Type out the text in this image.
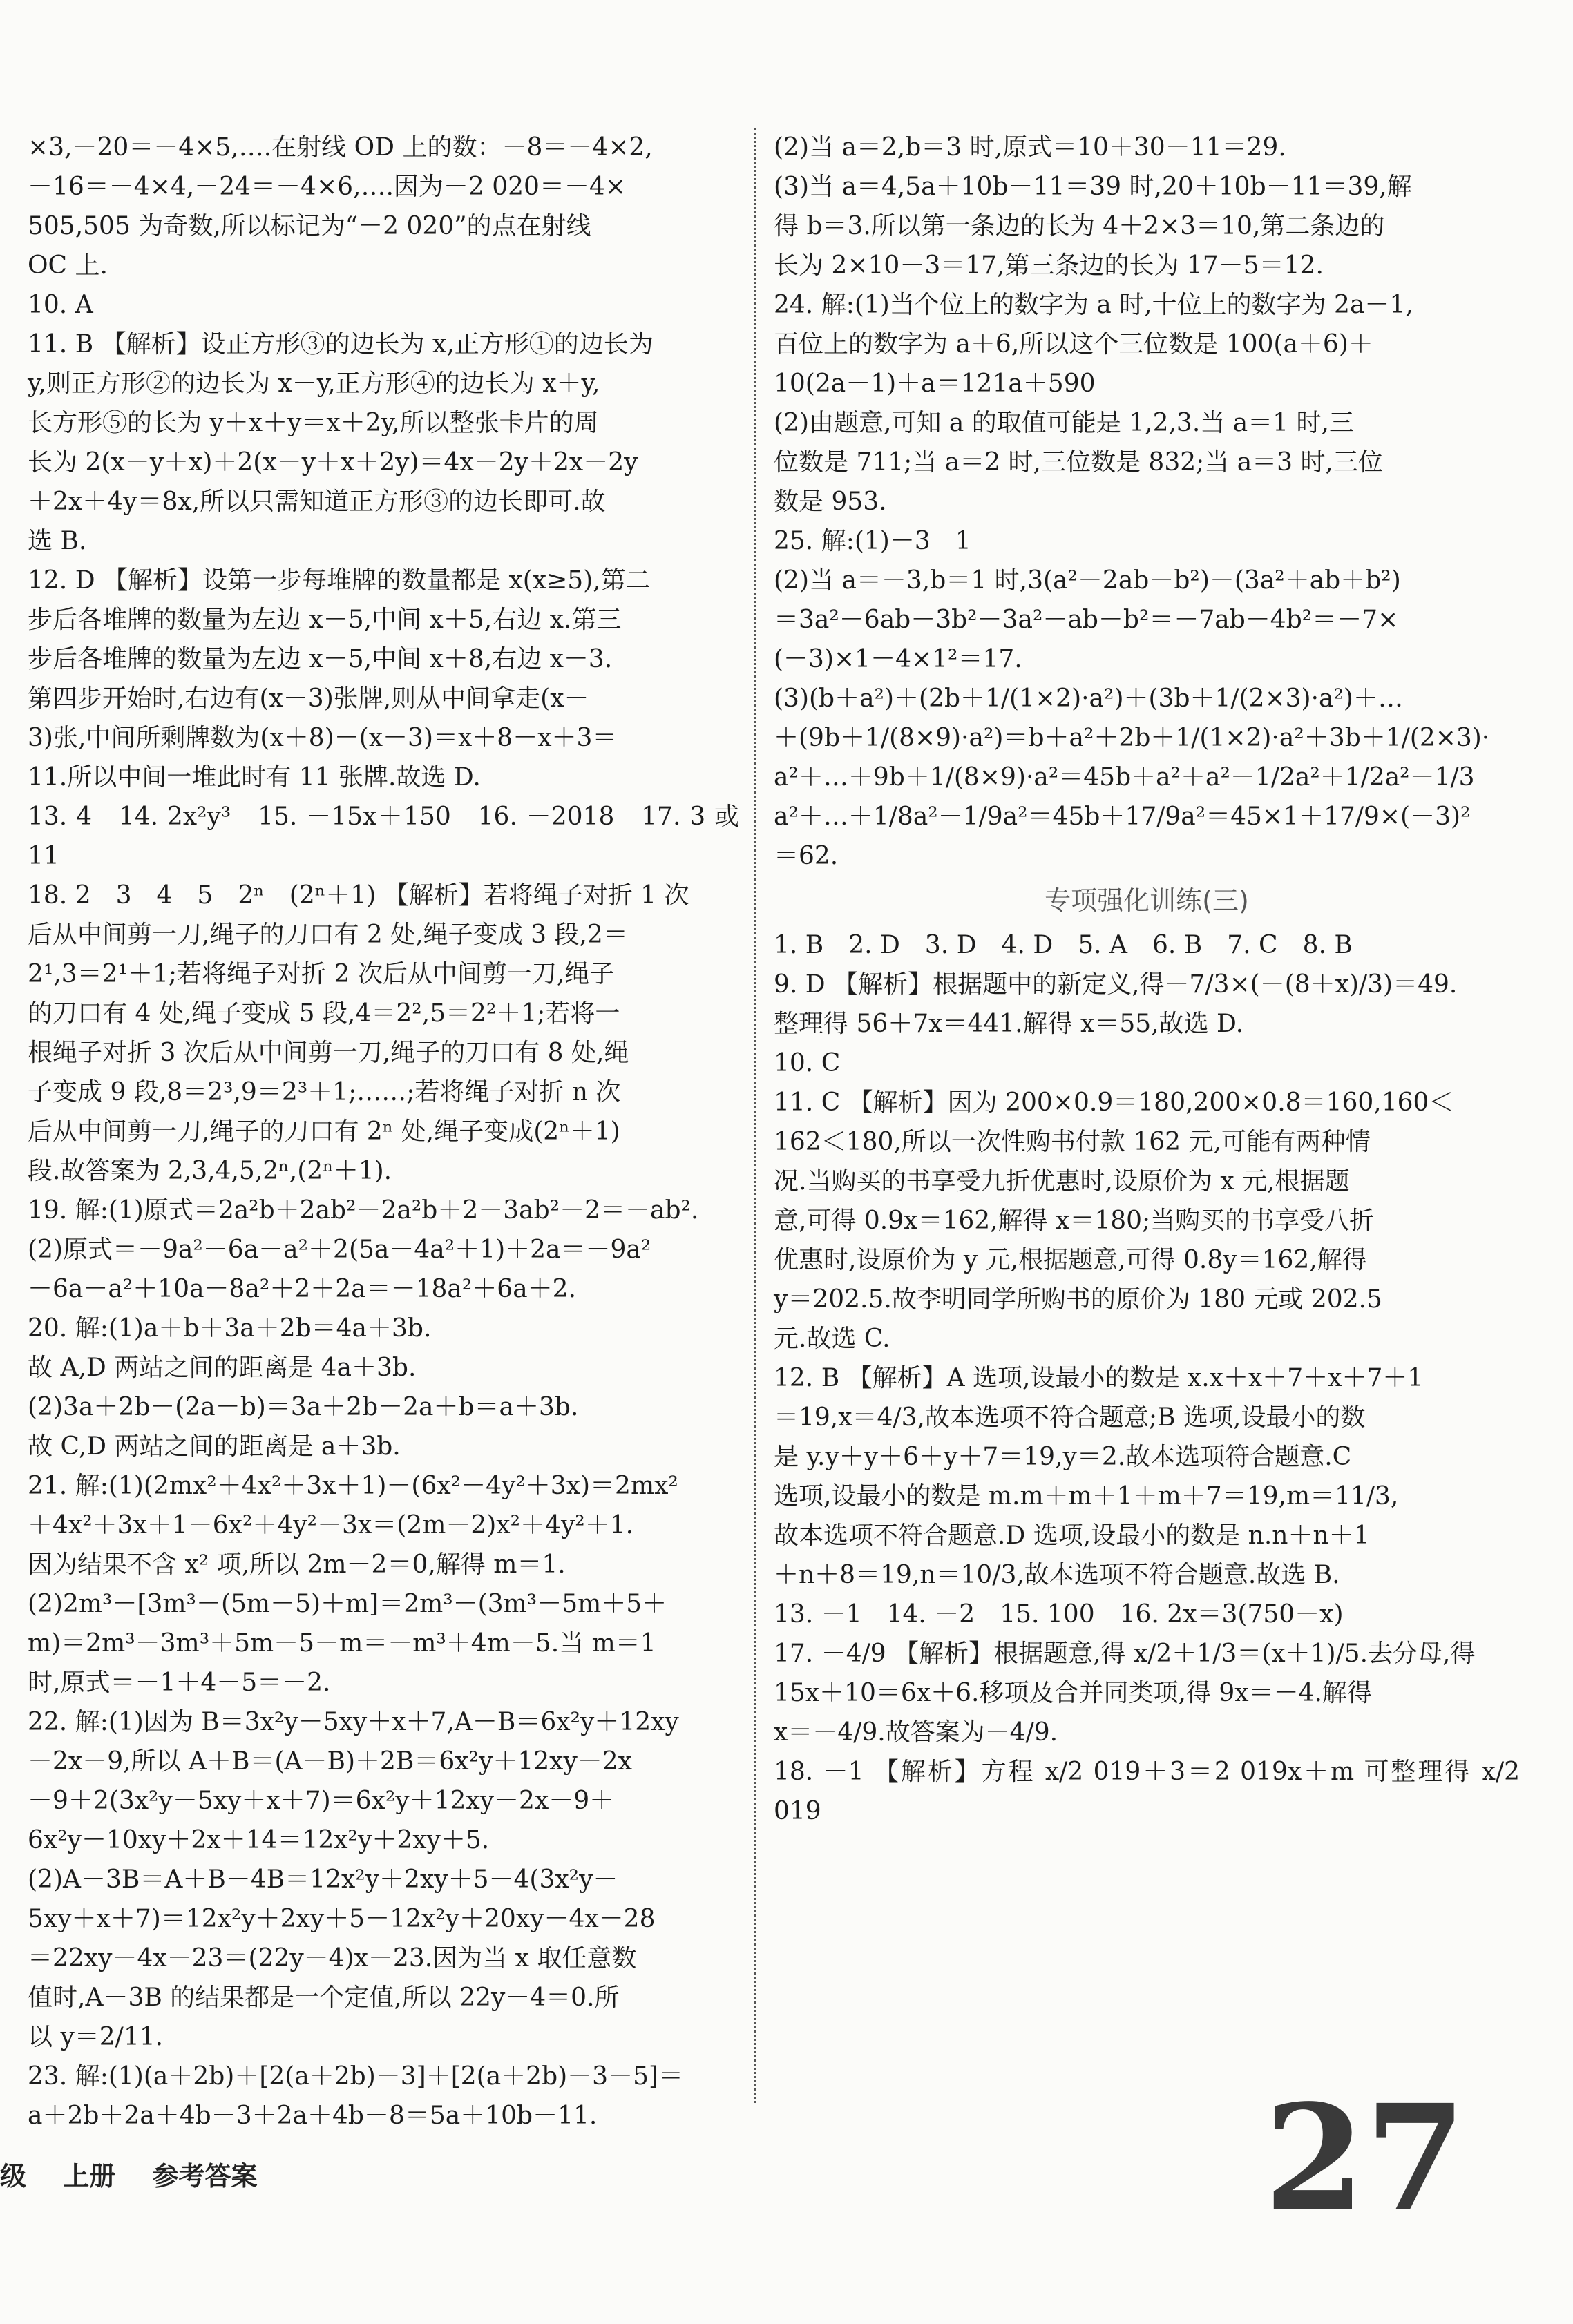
×3,－20＝－4×5,….在射线 OD 上的数：－8＝－4×2,

－16＝－4×4,－24＝－4×6,….因为－2 020＝－4×

505,505 为奇数,所以标记为“－2 020”的点在射线

OC 上.

10. A

11. B 【解析】设正方形③的边长为 x,正方形①的边长为

y,则正方形②的边长为 x－y,正方形④的边长为 x＋y,

长方形⑤的长为 y＋x＋y＝x＋2y,所以整张卡片的周

长为 2(x－y＋x)＋2(x－y＋x＋2y)＝4x－2y＋2x－2y

＋2x＋4y＝8x,所以只需知道正方形③的边长即可.故

选 B.

12. D 【解析】设第一步每堆牌的数量都是 x(x≥5),第二

步后各堆牌的数量为左边 x－5,中间 x＋5,右边 x.第三

步后各堆牌的数量为左边 x－5,中间 x＋8,右边 x－3.

第四步开始时,右边有(x－3)张牌,则从中间拿走(x－

3)张,中间所剩牌数为(x＋8)－(x－3)＝x＋8－x＋3＝

11.所以中间一堆此时有 11 张牌.故选 D.

13. 4　14. 2x²y³　15. －15x＋150　16. －2018　17. 3 或 11

18. 2　3　4　5　2ⁿ　(2ⁿ＋1) 【解析】若将绳子对折 1 次

后从中间剪一刀,绳子的刀口有 2 处,绳子变成 3 段,2＝

2¹,3＝2¹＋1;若将绳子对折 2 次后从中间剪一刀,绳子

的刀口有 4 处,绳子变成 5 段,4＝2²,5＝2²＋1;若将一

根绳子对折 3 次后从中间剪一刀,绳子的刀口有 8 处,绳

子变成 9 段,8＝2³,9＝2³＋1;……;若将绳子对折 n 次

后从中间剪一刀,绳子的刀口有 2ⁿ 处,绳子变成(2ⁿ＋1)

段.故答案为 2,3,4,5,2ⁿ,(2ⁿ＋1).

19. 解:(1)原式＝2a²b＋2ab²－2a²b＋2－3ab²－2＝－ab².

(2)原式＝－9a²－6a－a²＋2(5a－4a²＋1)＋2a＝－9a²

－6a－a²＋10a－8a²＋2＋2a＝－18a²＋6a＋2.

20. 解:(1)a＋b＋3a＋2b＝4a＋3b.

故 A,D 两站之间的距离是 4a＋3b.

(2)3a＋2b－(2a－b)＝3a＋2b－2a＋b＝a＋3b.

故 C,D 两站之间的距离是 a＋3b.

21. 解:(1)(2mx²＋4x²＋3x＋1)－(6x²－4y²＋3x)＝2mx²

＋4x²＋3x＋1－6x²＋4y²－3x＝(2m－2)x²＋4y²＋1.

因为结果不含 x² 项,所以 2m－2＝0,解得 m＝1.

(2)2m³－[3m³－(5m－5)＋m]＝2m³－(3m³－5m＋5＋

m)＝2m³－3m³＋5m－5－m＝－m³＋4m－5.当 m＝1

时,原式＝－1＋4－5＝－2.

22. 解:(1)因为 B＝3x²y－5xy＋x＋7,A－B＝6x²y＋12xy

－2x－9,所以 A＋B＝(A－B)＋2B＝6x²y＋12xy－2x

－9＋2(3x²y－5xy＋x＋7)＝6x²y＋12xy－2x－9＋

6x²y－10xy＋2x＋14＝12x²y＋2xy＋5.

(2)A－3B＝A＋B－4B＝12x²y＋2xy＋5－4(3x²y－

5xy＋x＋7)＝12x²y＋2xy＋5－12x²y＋20xy－4x－28

＝22xy－4x－23＝(22y－4)x－23.因为当 x 取任意数

值时,A－3B 的结果都是一个定值,所以 22y－4＝0.所

以 y＝2/11.

23. 解:(1)(a＋2b)＋[2(a＋2b)－3]＋[2(a＋2b)－3－5]＝

a＋2b＋2a＋4b－3＋2a＋4b－8＝5a＋10b－11.

(2)当 a＝2,b＝3 时,原式＝10＋30－11＝29.

(3)当 a＝4,5a＋10b－11＝39 时,20＋10b－11＝39,解

得 b＝3.所以第一条边的长为 4＋2×3＝10,第二条边的

长为 2×10－3＝17,第三条边的长为 17－5＝12.

24. 解:(1)当个位上的数字为 a 时,十位上的数字为 2a－1,

百位上的数字为 a＋6,所以这个三位数是 100(a＋6)＋

10(2a－1)＋a＝121a＋590

(2)由题意,可知 a 的取值可能是 1,2,3.当 a＝1 时,三

位数是 711;当 a＝2 时,三位数是 832;当 a＝3 时,三位

数是 953.

25. 解:(1)－3　1

(2)当 a＝－3,b＝1 时,3(a²－2ab－b²)－(3a²＋ab＋b²)

＝3a²－6ab－3b²－3a²－ab－b²＝－7ab－4b²＝－7×

(－3)×1－4×1²＝17.

(3)(b＋a²)＋(2b＋1/(1×2)·a²)＋(3b＋1/(2×3)·a²)＋…

＋(9b＋1/(8×9)·a²)＝b＋a²＋2b＋1/(1×2)·a²＋3b＋1/(2×3)·

a²＋…＋9b＋1/(8×9)·a²＝45b＋a²＋a²－1/2a²＋1/2a²－1/3

a²＋…＋1/8a²－1/9a²＝45b＋17/9a²＝45×1＋17/9×(－3)²

＝62.

专项强化训练(三)

1. B　2. D　3. D　4. D　5. A　6. B　7. C　8. B

9. D 【解析】根据题中的新定义,得－7/3×(－(8＋x)/3)＝49.

整理得 56＋7x＝441.解得 x＝55,故选 D.

10. C

11. C 【解析】因为 200×0.9＝180,200×0.8＝160,160＜

162＜180,所以一次性购书付款 162 元,可能有两种情

况.当购买的书享受九折优惠时,设原价为 x 元,根据题

意,可得 0.9x＝162,解得 x＝180;当购买的书享受八折

优惠时,设原价为 y 元,根据题意,可得 0.8y＝162,解得

y＝202.5.故李明同学所购书的原价为 180 元或 202.5

元.故选 C.

12. B 【解析】A 选项,设最小的数是 x.x＋x＋7＋x＋7＋1

＝19,x＝4/3,故本选项不符合题意;B 选项,设最小的数

是 y.y＋y＋6＋y＋7＝19,y＝2.故本选项符合题意.C

选项,设最小的数是 m.m＋m＋1＋m＋7＝19,m＝11/3,

故本选项不符合题意.D 选项,设最小的数是 n.n＋n＋1

＋n＋8＝19,n＝10/3,故本选项不符合题意.故选 B.

13. －1　14. －2　15. 100　16. 2x＝3(750－x)

17. －4/9 【解析】根据题意,得 x/2＋1/3＝(x＋1)/5.去分母,得

15x＋10＝6x＋6.移项及合并同类项,得 9x＝－4.解得

x＝－4/9.故答案为－4/9.

18. －1 【解析】方程 x/2 019＋3＝2 019x＋m 可整理得 x/2 019

级 上册 参考答案	27
